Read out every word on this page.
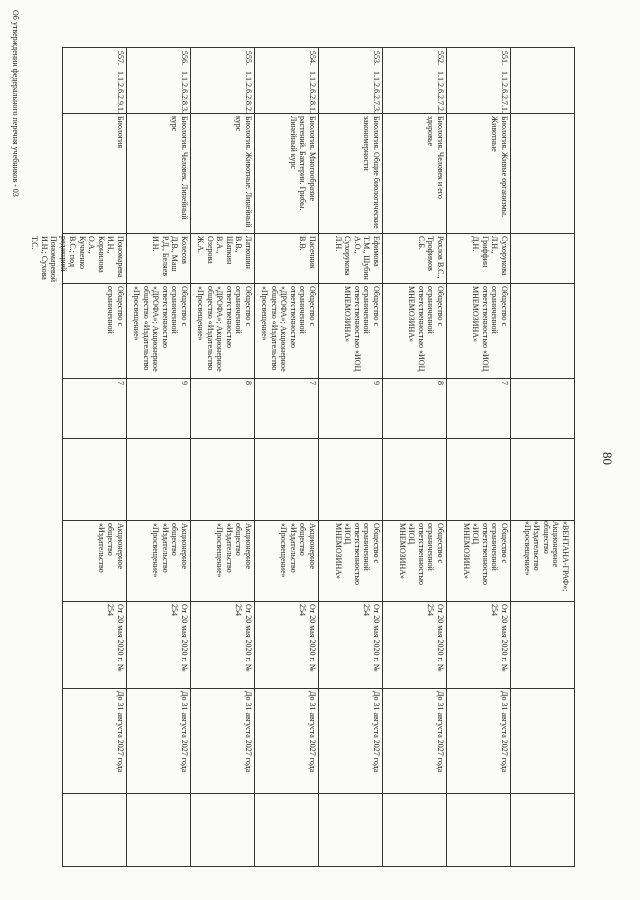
80
«ВЕНТАНА-ГРАФ»; Акционерное общество «Издательство «Просвещение»
551.
1.1.2.6.2.7.1.
Биология. Живые организмы. Животные
Сухорукова Л.Н., Гриффин Д.Н.
Общество с ограниченной ответственностью «ИОЦ МНЕМОЗИНА»
7
Общество с ограниченной ответственностью «ИОЦ МНЕМОЗИНА»
От 20 мая 2020 г. № 254
До 31 августа 2027 года
552.
1.1.2.6.2.7.2.
Биология. Человек и его здоровье
Рохлов В.С., Трофимов С.Б.
Общество с ограниченной ответственностью «ИОЦ МНЕМОЗИНА»
8
Общество с ограниченной ответственностью «ИОЦ МНЕМОЗИНА»
От 20 мая 2020 г. № 254
До 31 августа 2027 года
553.
1.1.2.6.2.7.3.
Биология. Общие биологические закономерности
Ефимова Т.М., Шубин А.О., Сухорукова Л.Н.
Общество с ограниченной ответственностью «ИОЦ МНЕМОЗИНА»
9
Общество с ограниченной ответственностью «ИОЦ МНЕМОЗИНА»
От 20 мая 2020 г. № 254
До 31 августа 2027 года
554.
1.1.2.6.2.8.1.
Биология. Многообразие растений. Бактерии. Грибы. Линейный курс
Пасечник В.В.
Общество с ограниченной ответственностью «ДРОФА»; Акционерное общество «Издательство «Просвещение»
7
Акционерное общество «Издательство «Просвещение»
От 20 мая 2020 г. № 254
До 31 августа 2027 года
555.
1.1.2.6.2.8.2.
Биология. Животные. Линейный курс
Латюшин В.В., Шапкин В.А., Озерова Ж.А.
Общество с ограниченной ответственностью «ДРОФА»; Акционерное общество «Издательство «Просвещение»
8
Акционерное общество «Издательство «Просвещение»
От 20 мая 2020 г. № 254
До 31 августа 2027 года
556.
1.1.2.6.2.8.3.
Биология. Человек. Линейный курс
Колесов Д.В., Маш Р.Д., Беляев И.Н.
Общество с ограниченной ответственностью «ДРОФА»; Акционерное общество «Издательство «Просвещение»
9
Акционерное общество «Издательство «Просвещение»
От 20 мая 2020 г. № 254
До 31 августа 2027 года
557.
1.1.2.6.2.9.1.
Биология
Пономарева И.Н., Корнилова О.А., Кучменко В.С.; под редакцией Пономаревой И.Н.; Сухова Т.С.
Общество с ограниченной
7
Акционерное общество «Издательство
От 20 мая 2020 г. № 254
До 31 августа 2027 года
Об утверждении федерального перечня учебников - 03
